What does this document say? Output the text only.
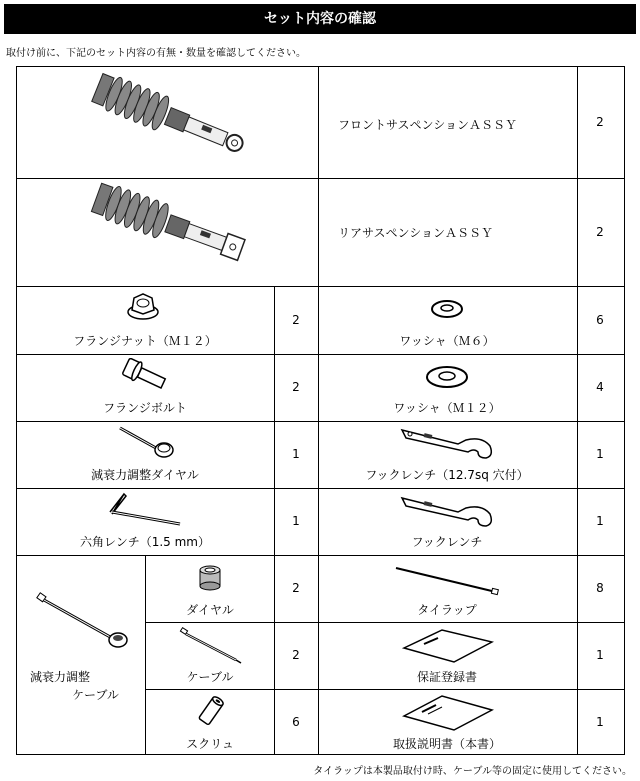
セット内容の確認
取付け前に、下記のセット内容の有無・数量を確認してください。
フロントサスペンションＡＳＳＹ	2
リアサスペンションＡＳＳＹ	2
フランジナット（Ｍ１２）
2
ワッシャ（Ｍ６）
6
フランジボルト
2
ワッシャ（Ｍ１２）
4
減衰力調整ダイヤル
1
フックレンチ（12.7sq 穴付）
1
六角レンチ（1.5 mm）
1
フックレンチ
1
減衰力調整
ケーブル
ダイヤル
2
タイラップ
8
ケーブル
2
保証登録書
1
スクリュ
6
取扱説明書（本書）
1
タイラップは本製品取付け時、ケーブル等の固定に使用してください。
